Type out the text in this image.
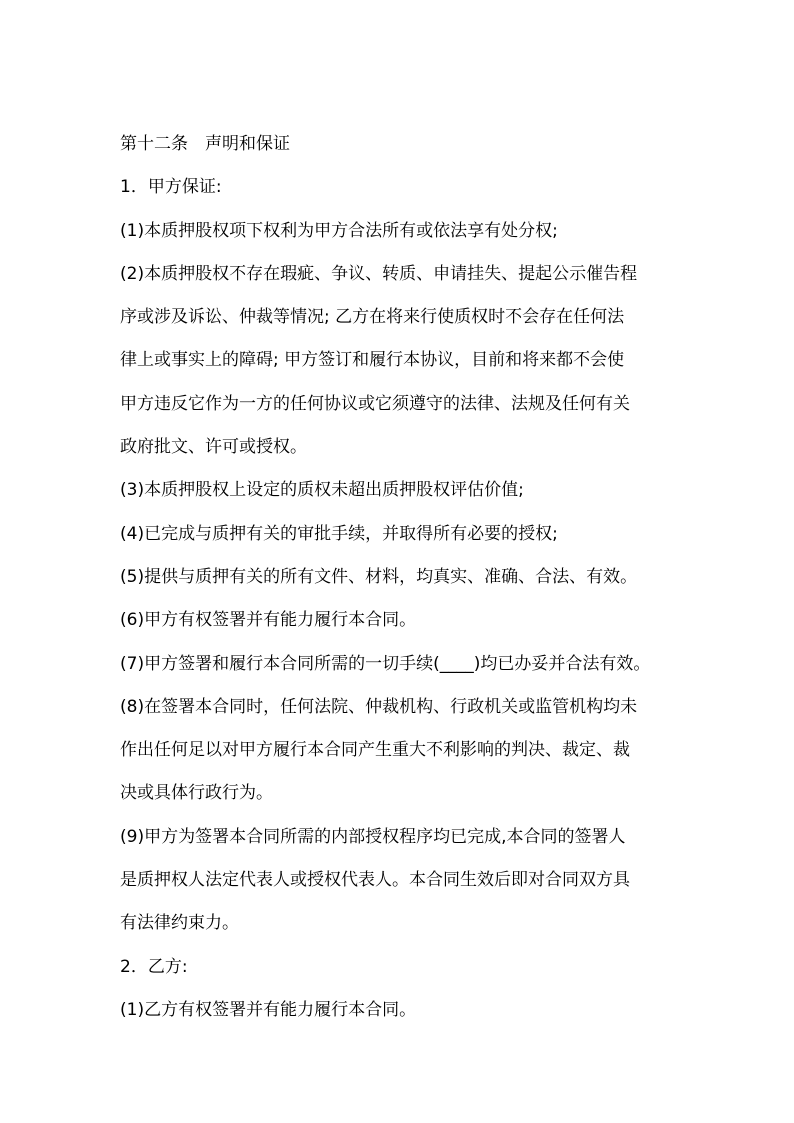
第十二条　声明和保证
1．甲方保证:
(1)本质押股权项下权利为甲方合法所有或依法享有处分权;
(2)本质押股权不存在瑕疵、争议、转质、申请挂失、提起公示催告程
序或涉及诉讼、仲裁等情况; 乙方在将来行使质权时不会存在任何法
律上或事实上的障碍; 甲方签订和履行本协议，目前和将来都不会使
甲方违反它作为一方的任何协议或它须遵守的法律、法规及任何有关
政府批文、许可或授权。
(3)本质押股权上设定的质权未超出质押股权评估价值;
(4)已完成与质押有关的审批手续，并取得所有必要的授权;
(5)提供与质押有关的所有文件、材料，均真实、准确、合法、有效。
(6)甲方有权签署并有能力履行本合同。
(7)甲方签署和履行本合同所需的一切手续(____)均已办妥并合法有效。
(8)在签署本合同时，任何法院、仲裁机构、行政机关或监管机构均未
作出任何足以对甲方履行本合同产生重大不利影响的判决、裁定、裁
决或具体行政行为。
(9)甲方为签署本合同所需的内部授权程序均已完成,本合同的签署人
是质押权人法定代表人或授权代表人。本合同生效后即对合同双方具
有法律约束力。
2．乙方:
(1)乙方有权签署并有能力履行本合同。
